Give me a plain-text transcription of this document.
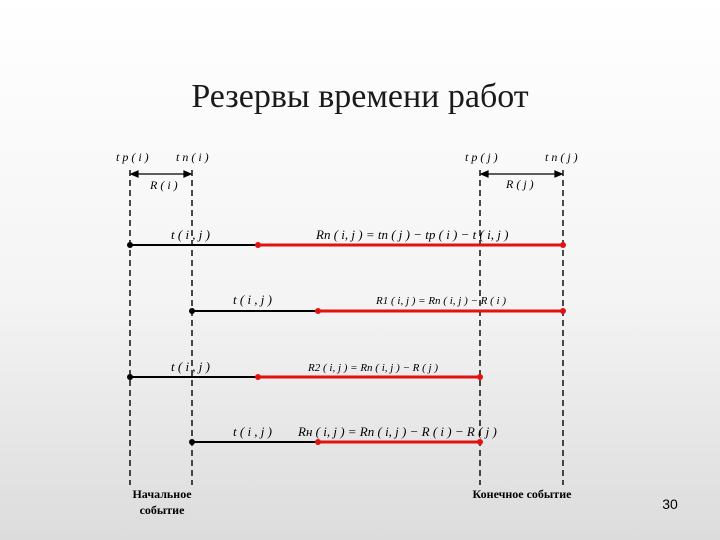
Резервы времени работ
t p ( i ) t n ( i )	t p ( j )	t n ( j )
R ( i )	R ( j )
t ( i , j )	Rn ( i, j ) = tn ( j ) − tp ( i ) − t ( i, j )
t ( i , j )	R1 ( i, j ) = Rn ( i, j ) − R ( i )
t ( i , j )	R2 ( i, j ) = Rn ( i, j ) − R ( j )
t ( i , j ) Rн ( i, j ) = Rn ( i, j ) − R ( i ) − R ( j )
Начальное событие
Конечное событие
30
